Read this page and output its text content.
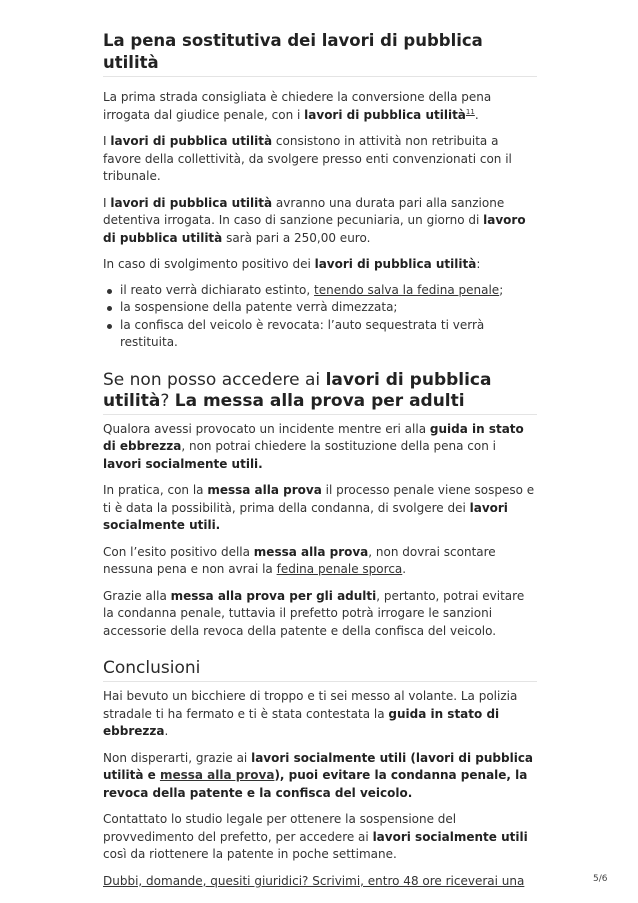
La pena sostitutiva dei lavori di pubblica utilità

La prima strada consigliata è chiedere la conversione della pena irrogata dal giudice penale, con i lavori di pubblica utilità$^{11}$.

I lavori di pubblica utilità consistono in attività non retribuita a favore della collettività, da svolgere presso enti convenzionati con il tribunale.

I lavori di pubblica utilità avranno una durata pari alla sanzione detentiva irrogata. In caso di sanzione pecuniaria, un giorno di lavoro di pubblica utilità sarà pari a 250,00 euro.

In caso di svolgimento positivo dei lavori di pubblica utilità:

il reato verrà dichiarato estinto, tenendo salva la fedina penale;
la sospensione della patente verrà dimezzata;
la confisca del veicolo è revocata: l’auto sequestrata ti verrà restituita.
Se non posso accedere ai lavori di pubblica utilità? La messa alla prova per adulti

Qualora avessi provocato un incidente mentre eri alla guida in stato di ebbrezza, non potrai chiedere la sostituzione della pena con i lavori socialmente utili.

In pratica, con la messa alla prova il processo penale viene sospeso e ti è data la possibilità, prima della condanna, di svolgere dei lavori socialmente utili.

Con l’esito positivo della messa alla prova, non dovrai scontare nessuna pena e non avrai la fedina penale sporca.

Grazie alla messa alla prova per gli adulti, pertanto, potrai evitare la condanna penale, tuttavia il prefetto potrà irrogare le sanzioni accessorie della revoca della patente e della confisca del veicolo.

Conclusioni

Hai bevuto un bicchiere di troppo e ti sei messo al volante. La polizia stradale ti ha fermato e ti è stata contestata la guida in stato di ebbrezza.

Non disperarti, grazie ai lavori socialmente utili (lavori di pubblica utilità e messa alla prova), puoi evitare la condanna penale, la revoca della patente e la confisca del veicolo.

Contattato lo studio legale per ottenere la sospensione del provvedimento del prefetto, per accedere ai lavori socialmente utili così da riottenere la patente in poche settimane.

Dubbi, domande, quesiti giuridici? Scrivimi, entro 48 ore riceverai una	5/6
